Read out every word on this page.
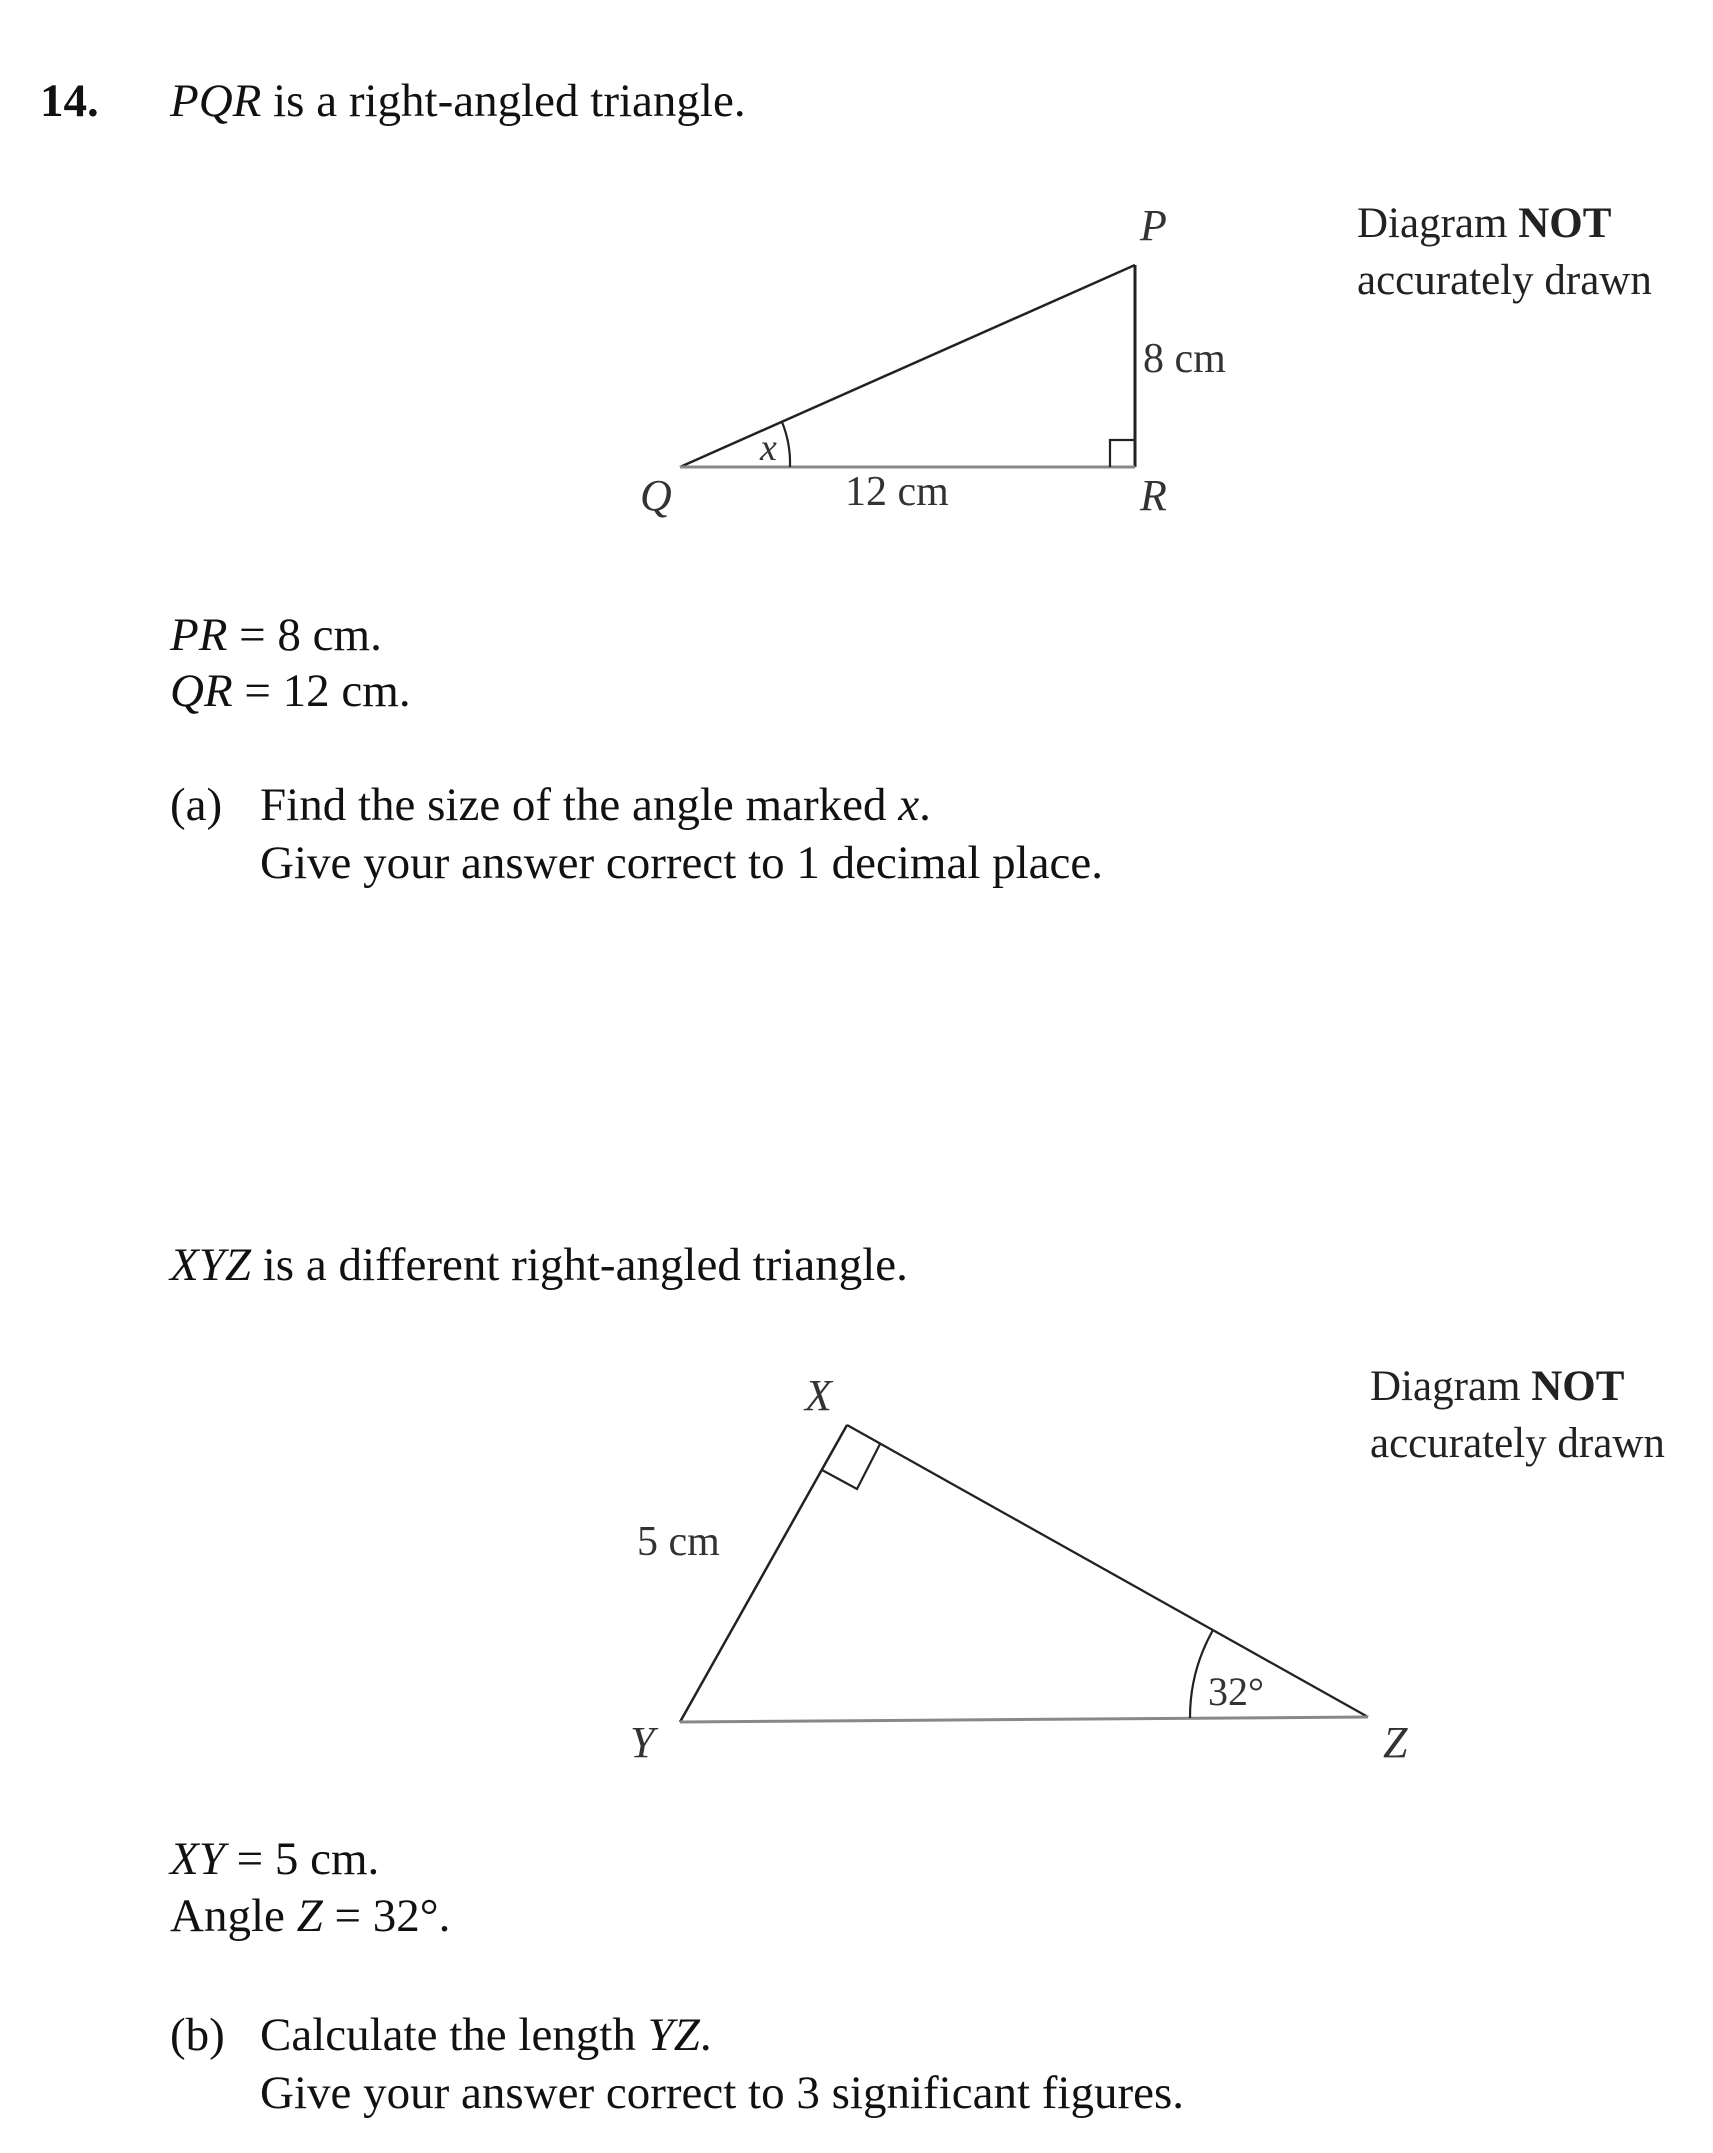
14. PQR is a right-angled triangle.
P
Q	R
x
8 cm
12 cm
X
Y	Z
5 cm
32°
Diagram NOT
accurately drawn
Diagram NOT
accurately drawn
PR = 8 cm.
QR = 12 cm.
(a) Find the size of the angle marked x.
Give your answer correct to 1 decimal place.
XYZ is a different right-angled triangle.
XY = 5 cm.
Angle Z = 32°.
(b) Calculate the length YZ.
Give your answer correct to 3 significant figures.
